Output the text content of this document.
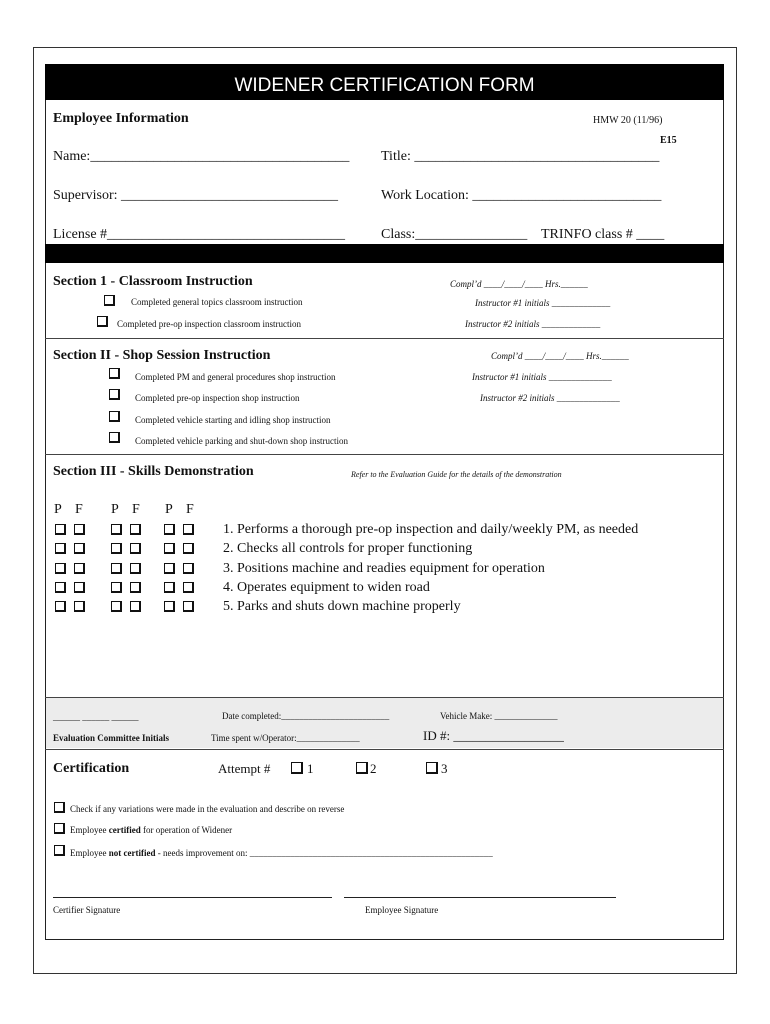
WIDENER CERTIFICATION FORM
Employee Information	HMW 20 (11/96)
E15
Name:_____________________________________ Title: ___________________________________
Supervisor: _______________________________	Work Location: ___________________________
License #__________________________________	Class:________________ TRINFO class # ____
Section 1 - Classroom Instruction
Completed general topics classroom instruction
Completed pre-op inspection classroom instruction
Compl’d ____/____/____ Hrs.______
Instructor #1 initials _____________
Instructor #2 initials _____________
Section II - Shop Session Instruction
Completed PM and general procedures shop instruction
Completed pre-op inspection shop instruction
Completed vehicle starting and idling shop instruction
Completed vehicle parking and shut-down shop instruction
Compl’d ____/____/____ Hrs.______
Instructor #1 initials ______________
Instructor #2 initials ______________
Section III - Skills Demonstration	Refer to the Evaluation Guide for the details of the demonstration
P F P F P F
1. Performs a thorough pre-op inspection and daily/weekly PM, as needed
2. Checks all controls for proper functioning
3. Positions machine and readies equipment for operation
4. Operates equipment to widen road
5. Parks and shuts down machine properly
______ ______ ______	Date completed:________________________	Vehicle Make: ______________
Evaluation Committee Initials	Time spent w/Operator:______________	ID #: _________________
Certification	Attempt #	1	2	3
Check if any variations were made in the evaluation and describe on reverse
Employee certified for operation of Widener
Employee not certified - needs improvement on: ______________________________________________________
Certifier Signature	Employee Signature
